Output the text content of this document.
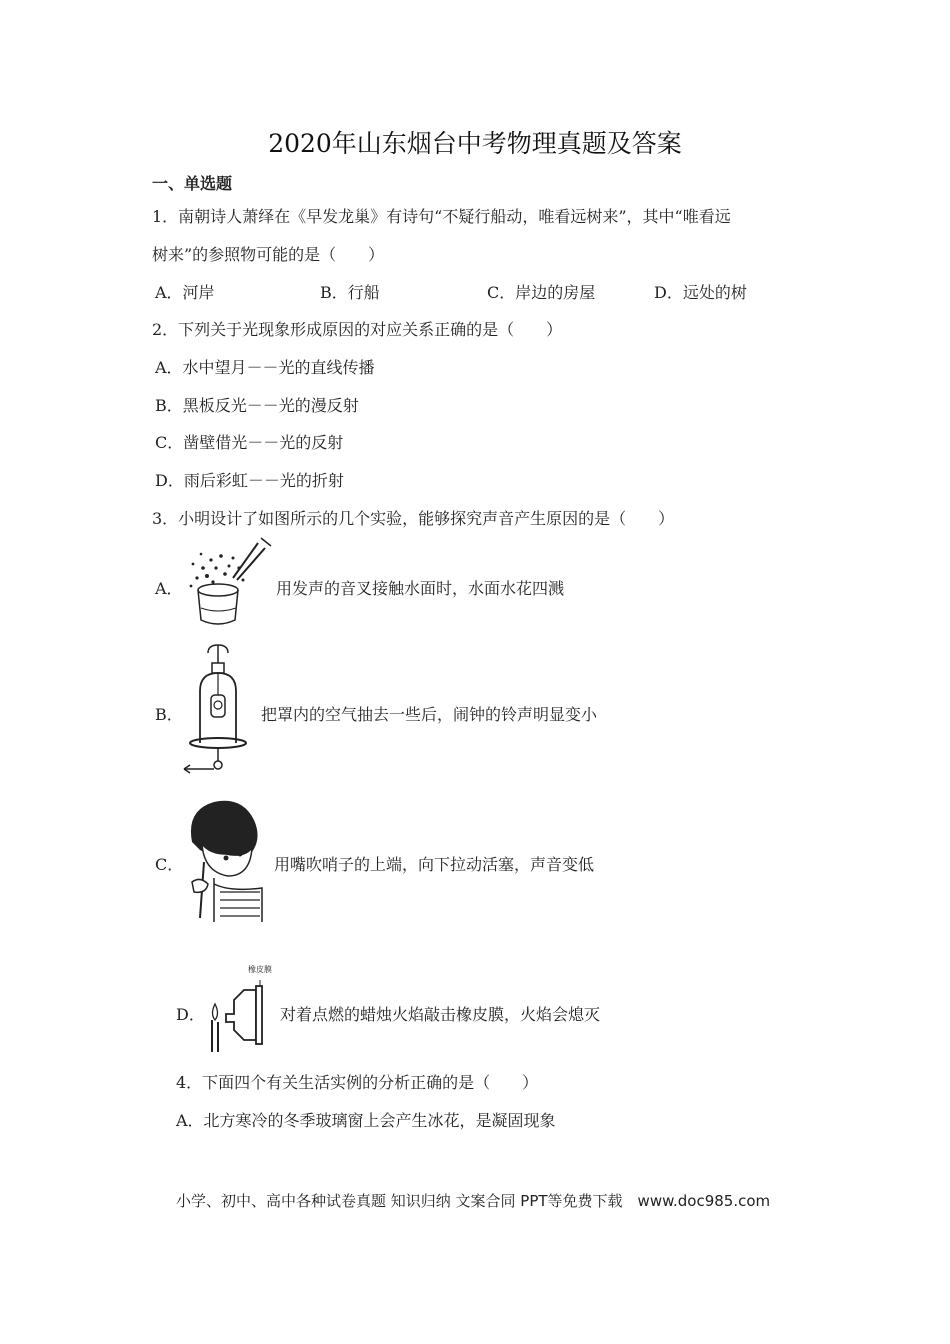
2020年山东烟台中考物理真题及答案
一、单选题
1．南朝诗人萧绎在《早发龙巢》有诗句“不疑行船动，唯看远树来”，其中“唯看远
树来”的参照物可能的是（　　）
A．河岸	B．行船	C．岸边的房屋	D．远处的树
2．下列关于光现象形成原因的对应关系正确的是（　　）
A．水中望月－－光的直线传播
B．黑板反光－－光的漫反射
C．凿壁借光－－光的反射
D．雨后彩虹－－光的折射
3．小明设计了如图所示的几个实验，能够探究声音产生原因的是（　　）
A．	用发声的音叉接触水面时，水面水花四溅
B．	把罩内的空气抽去一些后，闹钟的铃声明显变小
C．	用嘴吹哨子的上端，向下拉动活塞，声音变低
D．
橡皮膜
对着点燃的蜡烛火焰敲击橡皮膜，火焰会熄灭
4．下面四个有关生活实例的分析正确的是（　　）
A．北方寒冷的冬季玻璃窗上会产生冰花，是凝固现象
小学、初中、高中各种试卷真题 知识归纳 文案合同 PPT等免费下载　www.doc985.com
